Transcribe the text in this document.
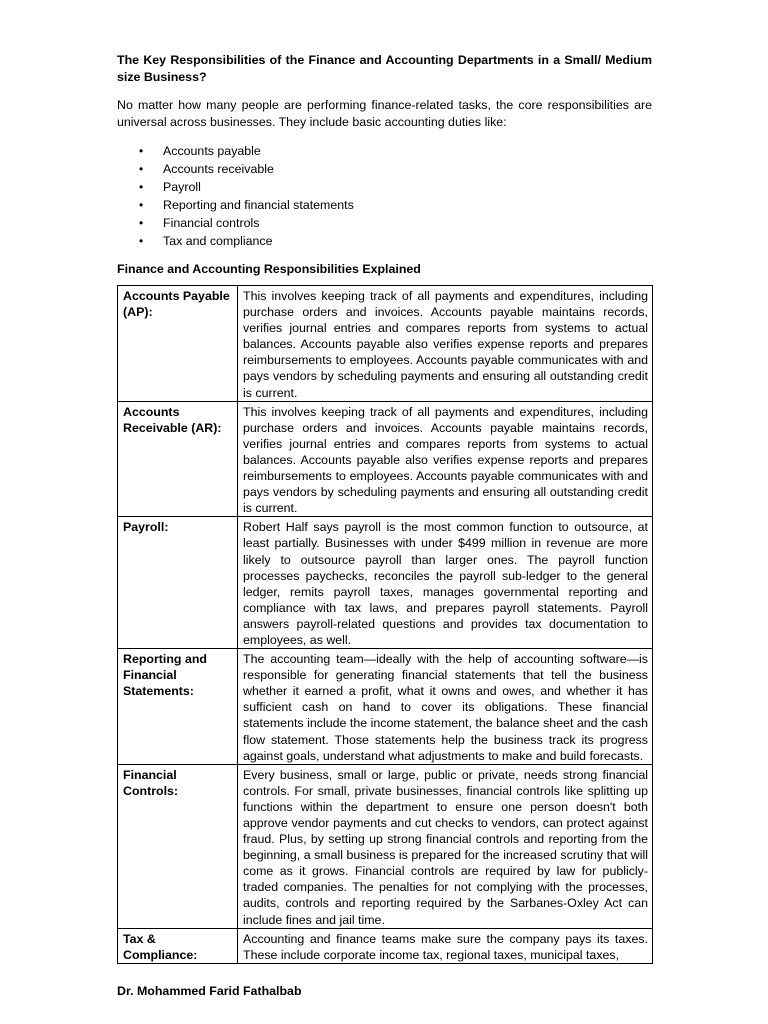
The Key Responsibilities of the Finance and Accounting Departments in a Small/ Medium size Business?
No matter how many people are performing finance-related tasks, the core responsibilities are universal across businesses. They include basic accounting duties like:
• Accounts payable
• Accounts receivable
• Payroll
• Reporting and financial statements
• Financial controls
• Tax and compliance
Finance and Accounting Responsibilities Explained
Accounts Payable (AP):	This involves keeping track of all payments and expenditures, including purchase orders and invoices. Accounts payable maintains records, verifies journal entries and compares reports from systems to actual balances. Accounts payable also verifies expense reports and prepares reimbursements to employees. Accounts payable communicates with and pays vendors by scheduling payments and ensuring all outstanding credit is current.
Accounts Receivable (AR):	This involves keeping track of all payments and expenditures, including purchase orders and invoices. Accounts payable maintains records, verifies journal entries and compares reports from systems to actual balances. Accounts payable also verifies expense reports and prepares reimbursements to employees. Accounts payable communicates with and pays vendors by scheduling payments and ensuring all outstanding credit is current.
Payroll:	Robert Half says payroll is the most common function to outsource, at least partially. Businesses with under $499 million in revenue are more likely to outsource payroll than larger ones. The payroll function processes paychecks, reconciles the payroll sub-ledger to the general ledger, remits payroll taxes, manages governmental reporting and compliance with tax laws, and prepares payroll statements. Payroll answers payroll-related questions and provides tax documentation to employees, as well.
Reporting and Financial Statements:	The accounting team—ideally with the help of accounting software—is responsible for generating financial statements that tell the business whether it earned a profit, what it owns and owes, and whether it has sufficient cash on hand to cover its obligations. These financial statements include the income statement, the balance sheet and the cash flow statement. Those statements help the business track its progress against goals, understand what adjustments to make and build forecasts.
Financial Controls:	Every business, small or large, public or private, needs strong financial controls. For small, private businesses, financial controls like splitting up functions within the department to ensure one person doesn't both approve vendor payments and cut checks to vendors, can protect against fraud. Plus, by setting up strong financial controls and reporting from the beginning, a small business is prepared for the increased scrutiny that will come as it grows. Financial controls are required by law for publicly-traded companies. The penalties for not complying with the processes, audits, controls and reporting required by the Sarbanes-Oxley Act can include fines and jail time.
Tax & Compliance:	Accounting and finance teams make sure the company pays its taxes. These include corporate income tax, regional taxes, municipal taxes,
Dr. Mohammed Farid Fathalbab
